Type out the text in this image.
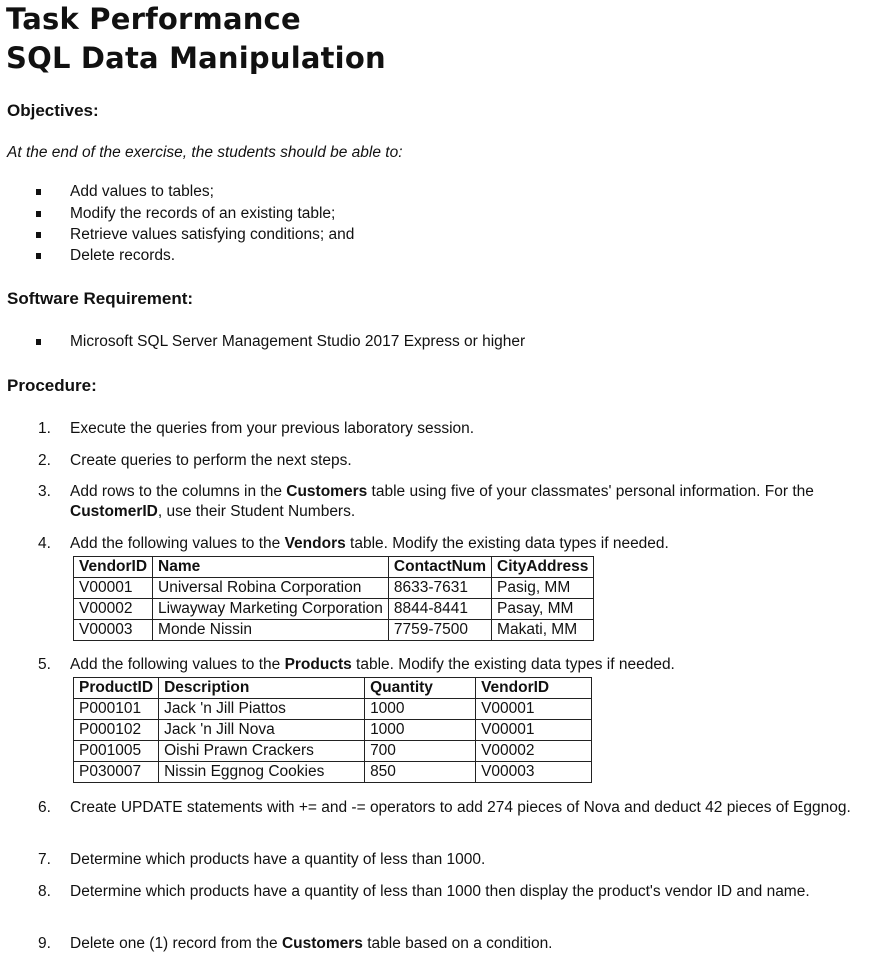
Task Performance
SQL Data Manipulation
Objectives:
At the end of the exercise, the students should be able to:
Add values to tables;
Modify the records of an existing table;
Retrieve values satisfying conditions; and
Delete records.
Software Requirement:
Microsoft SQL Server Management Studio 2017 Express or higher
Procedure:
1.	Execute the queries from your previous laboratory session.
2.	Create queries to perform the next steps.
3.	Add rows to the columns in the Customers table using five of your classmates' personal information. For the CustomerID, use their Student Numbers.
4.	Add the following values to the Vendors table. Modify the existing data types if needed.
VendorID	Name	ContactNum	CityAddress
V00001	Universal Robina Corporation	8633-7631	Pasig, MM
V00002	Liwayway Marketing Corporation	8844-8441	Pasay, MM
V00003	Monde Nissin	7759-7500	Makati, MM
5.	Add the following values to the Products table. Modify the existing data types if needed.
ProductID	Description	Quantity	VendorID
P000101	Jack 'n Jill Piattos	1000	V00001
P000102	Jack 'n Jill Nova	1000	V00001
P001005	Oishi Prawn Crackers	700	V00002
P030007	Nissin Eggnog Cookies	850	V00003
6.	Create UPDATE statements with += and -= operators to add 274 pieces of Nova and deduct 42 pieces of Eggnog.
7.	Determine which products have a quantity of less than 1000.
8.	Determine which products have a quantity of less than 1000 then display the product's vendor ID and name.
9.	Delete one (1) record from the Customers table based on a condition.
